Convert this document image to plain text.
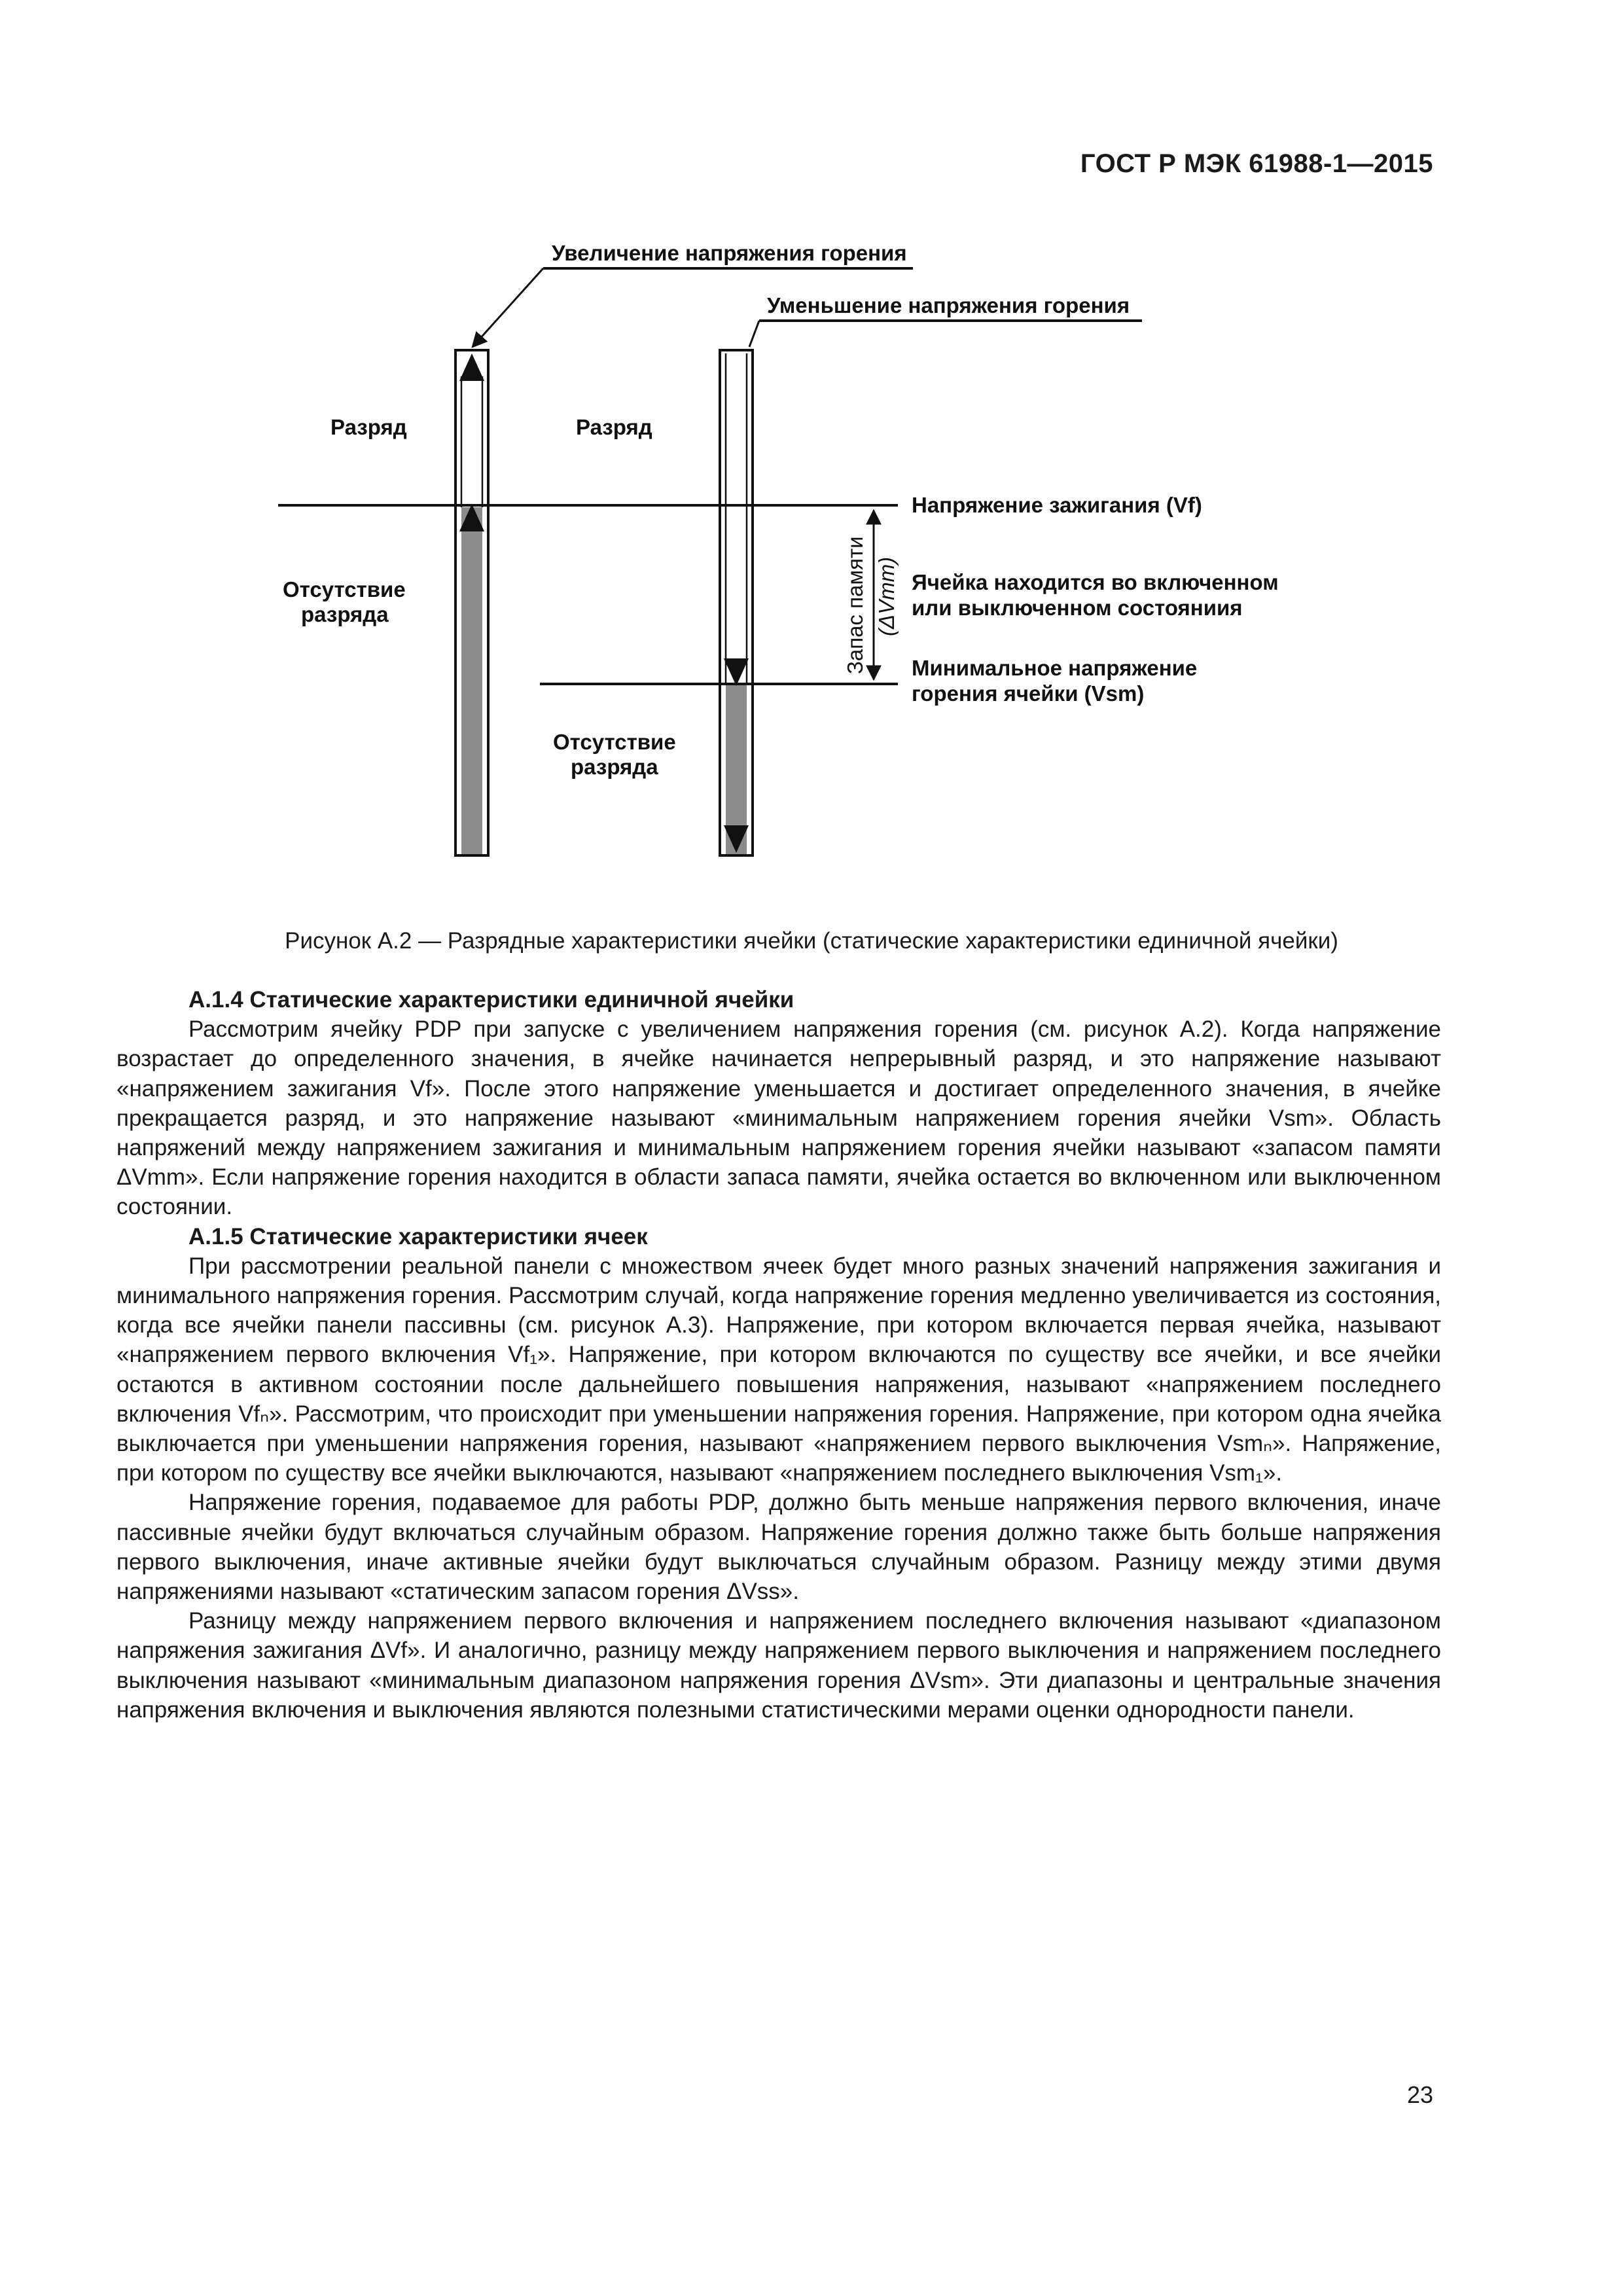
ГОСТ Р МЭК 61988-1—2015
Увеличение напряжения горения
Уменьшение напряжения горения
Запас памяти (ΔVmm)
Разряд	Разряд
Отсутствие
разряда
Отсутствие
разряда
Напряжение зажигания (Vf)
Ячейка находится во включенном
или выключенном состояниия
Минимальное напряжение
горения ячейки (Vsm)
Рисунок А.2 — Разрядные характеристики ячейки (статические характеристики единичной ячейки)
А.1.4 Статические характеристики единичной ячейки

Рассмотрим ячейку PDP при запуске с увеличением напряжения горения (см. рисунок А.2). Когда напряжение возрастает до определенного значения, в ячейке начинается непрерывный разряд, и это напряжение называют «напряжением зажигания Vf». После этого напряжение уменьшается и достигает определенного значения, в ячейке прекращается разряд, и это напряжение называют «минимальным напряжением горения ячейки Vsm». Область напряжений между напряжением зажигания и минимальным напряжением горения ячейки называют «запасом памяти ΔVmm». Если напряжение горения находится в области запаса памяти, ячейка остается во включенном или выключенном состоянии.

А.1.5 Статические характеристики ячеек

При рассмотрении реальной панели с множеством ячеек будет много разных значений напряжения зажигания и минимального напряжения горения. Рассмотрим случай, когда напряжение горения медленно увеличивается из состояния, когда все ячейки панели пассивны (см. рисунок А.3). Напряжение, при котором включается первая ячейка, называют «напряжением первого включения Vf₁». Напряжение, при котором включаются по существу все ячейки, и все ячейки остаются в активном состоянии после дальнейшего повышения напряжения, называют «напряжением последнего включения Vfₙ». Рассмотрим, что происходит при уменьшении напряжения горения. Напряжение, при котором одна ячейка выключается при уменьшении напряжения горения, называют «напряжением первого выключения Vsmₙ». Напряжение, при котором по существу все ячейки выключаются, называют «напряжением последнего выключения Vsm₁».

Напряжение горения, подаваемое для работы PDP, должно быть меньше напряжения первого включения, иначе пассивные ячейки будут включаться случайным образом. Напряжение горения должно также быть больше напряжения первого выключения, иначе активные ячейки будут выключаться случайным образом. Разницу между этими двумя напряжениями называют «статическим запасом горения ΔVss».

Разницу между напряжением первого включения и напряжением последнего включения называют «диапазоном напряжения зажигания ΔVf». И аналогично, разницу между напряжением первого выключения и напряжением последнего выключения называют «минимальным диапазоном напряжения горения ΔVsm». Эти диапазоны и центральные значения напряжения включения и выключения являются полезными статистическими мерами оценки однородности панели.

23
